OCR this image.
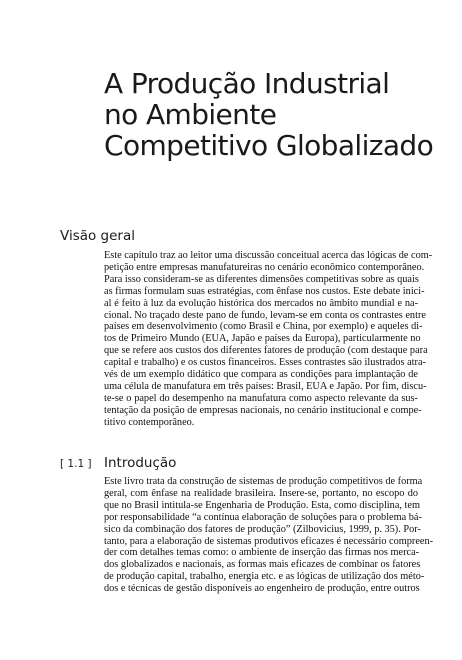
A Produção Industrial
no Ambiente
Competitivo Globalizado
Visão geral
Este capítulo traz ao leitor uma discussão conceitual acerca das lógicas de com-
petição entre empresas manufatureiras no cenário econômico contemporâneo.
Para isso consideram-se as diferentes dimensões competitivas sobre as quais
as firmas formulam suas estratégias, com ênfase nos custos. Este debate inici-
al é feito à luz da evolução histórica dos mercados no âmbito mundial e na-
cional. No traçado deste pano de fundo, levam-se em conta os contrastes entre
países em desenvolvimento (como Brasil e China, por exemplo) e aqueles di-
tos de Primeiro Mundo (EUA, Japão e países da Europa), particularmente no
que se refere aos custos dos diferentes fatores de produção (com destaque para
capital e trabalho) e os custos financeiros. Esses contrastes são ilustrados atra-
vés de um exemplo didático que compara as condições para implantação de
uma célula de manufatura em três países: Brasil, EUA e Japão. Por fim, discu-
te-se o papel do desempenho na manufatura como aspecto relevante da sus-
tentação da posição de empresas nacionais, no cenário institucional e compe-
titivo contemporâneo.
[ 1.1 ] Introdução
Este livro trata da construção de sistemas de produção competitivos de forma
geral, com ênfase na realidade brasileira. Insere-se, portanto, no escopo do
que no Brasil intitula-se Engenharia de Produção. Esta, como disciplina, tem
por responsabilidade “a contínua elaboração de soluções para o problema bá-
sico da combinação dos fatores de produção” (Zilbovicius, 1999, p. 35). Por-
tanto, para a elaboração de sistemas produtivos eficazes é necessário compreen-
der com detalhes temas como: o ambiente de inserção das firmas nos merca-
dos globalizados e nacionais, as formas mais eficazes de combinar os fatores
de produção capital, trabalho, energia etc. e as lógicas de utilização dos méto-
dos e técnicas de gestão disponíveis ao engenheiro de produção, entre outros
